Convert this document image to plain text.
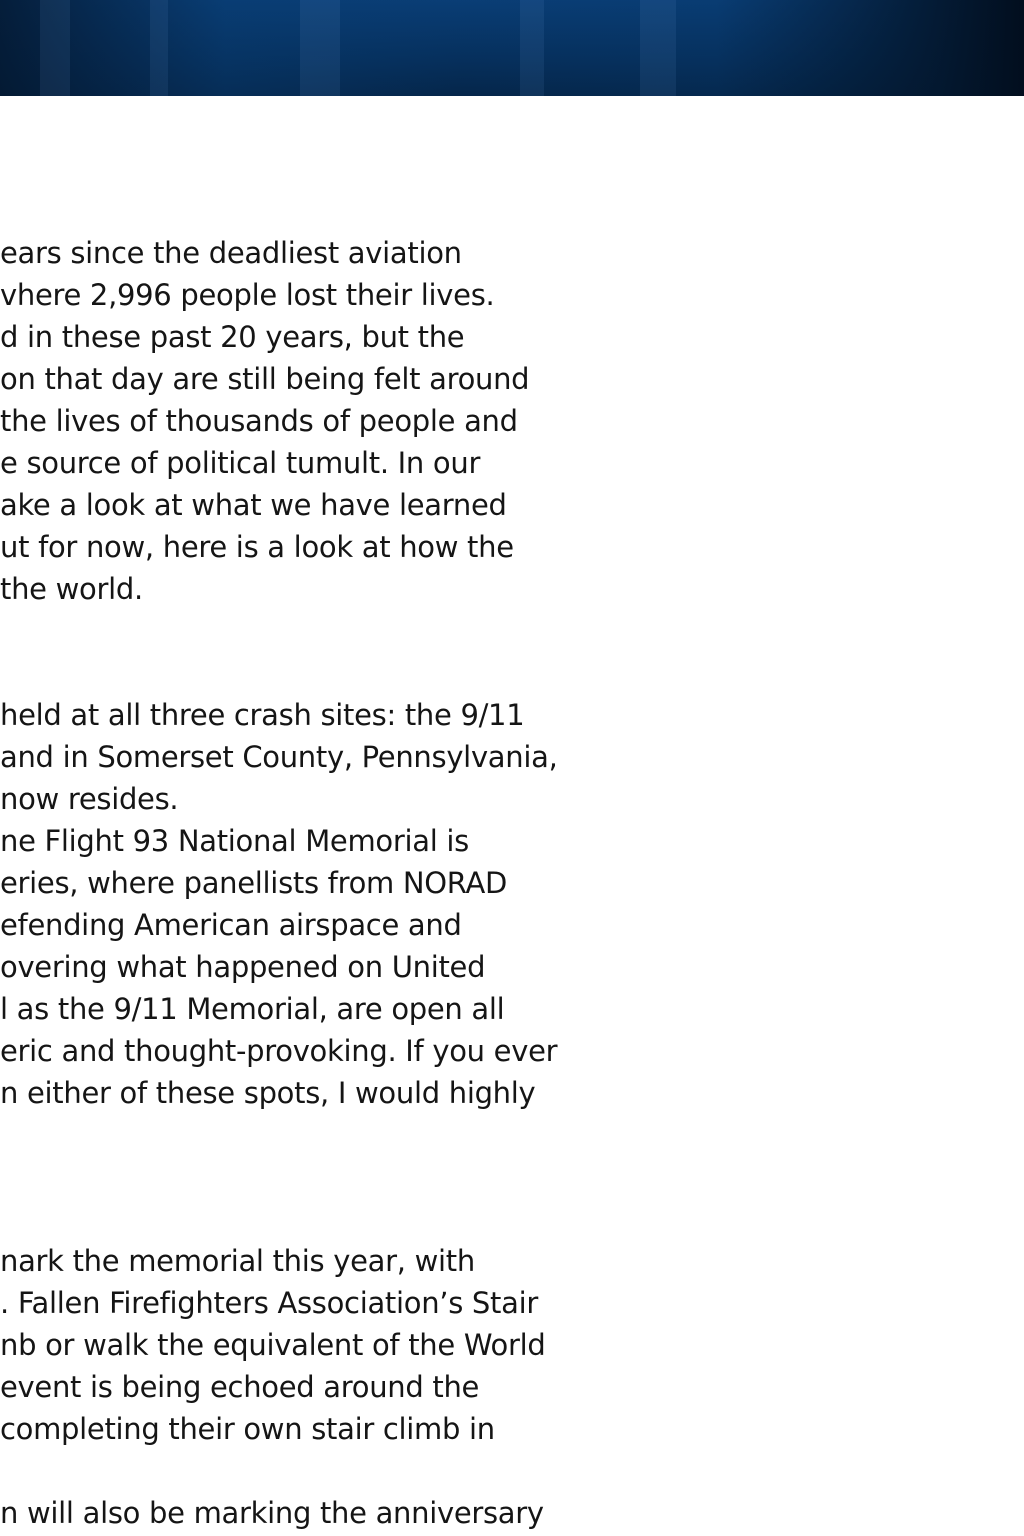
ears since the deadliest aviation
vhere 2,996 people lost their lives.
d in these past 20 years, but the
on that day are still being felt around
the lives of thousands of people and
e source of political tumult. In our
ake a look at what we have learned
ut for now, here is a look at how the
the world.
held at all three crash sites: the 9/11
and in Somerset County, Pennsylvania,
now resides.
ne Flight 93 National Memorial is
eries, where panellists from NORAD
efending American airspace and
overing what happened on United
l as the 9/11 Memorial, are open all
eric and thought-provoking. If you ever
n either of these spots, I would highly
nark the memorial this year, with
. Fallen Firefighters Association’s Stair
nb or walk the equivalent of the World
event is being echoed around the
completing their own stair climb in
n will also be marking the anniversary
